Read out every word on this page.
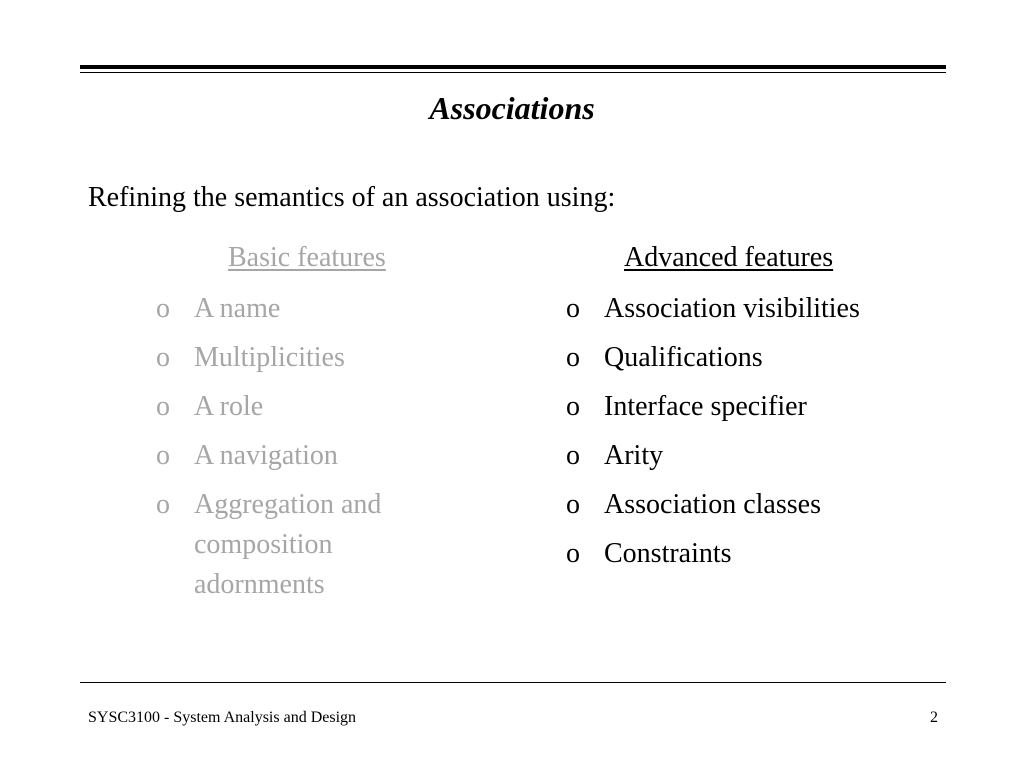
Associations
Refining the semantics of an association using:
Basic features
o A name
o Multiplicities
o A role
o A navigation
o Aggregation and composition adornments
Advanced features
o Association visibilities
o Qualifications
o Interface specifier
o Arity
o Association classes
o Constraints
SYSC3100 - System Analysis and Design	2
